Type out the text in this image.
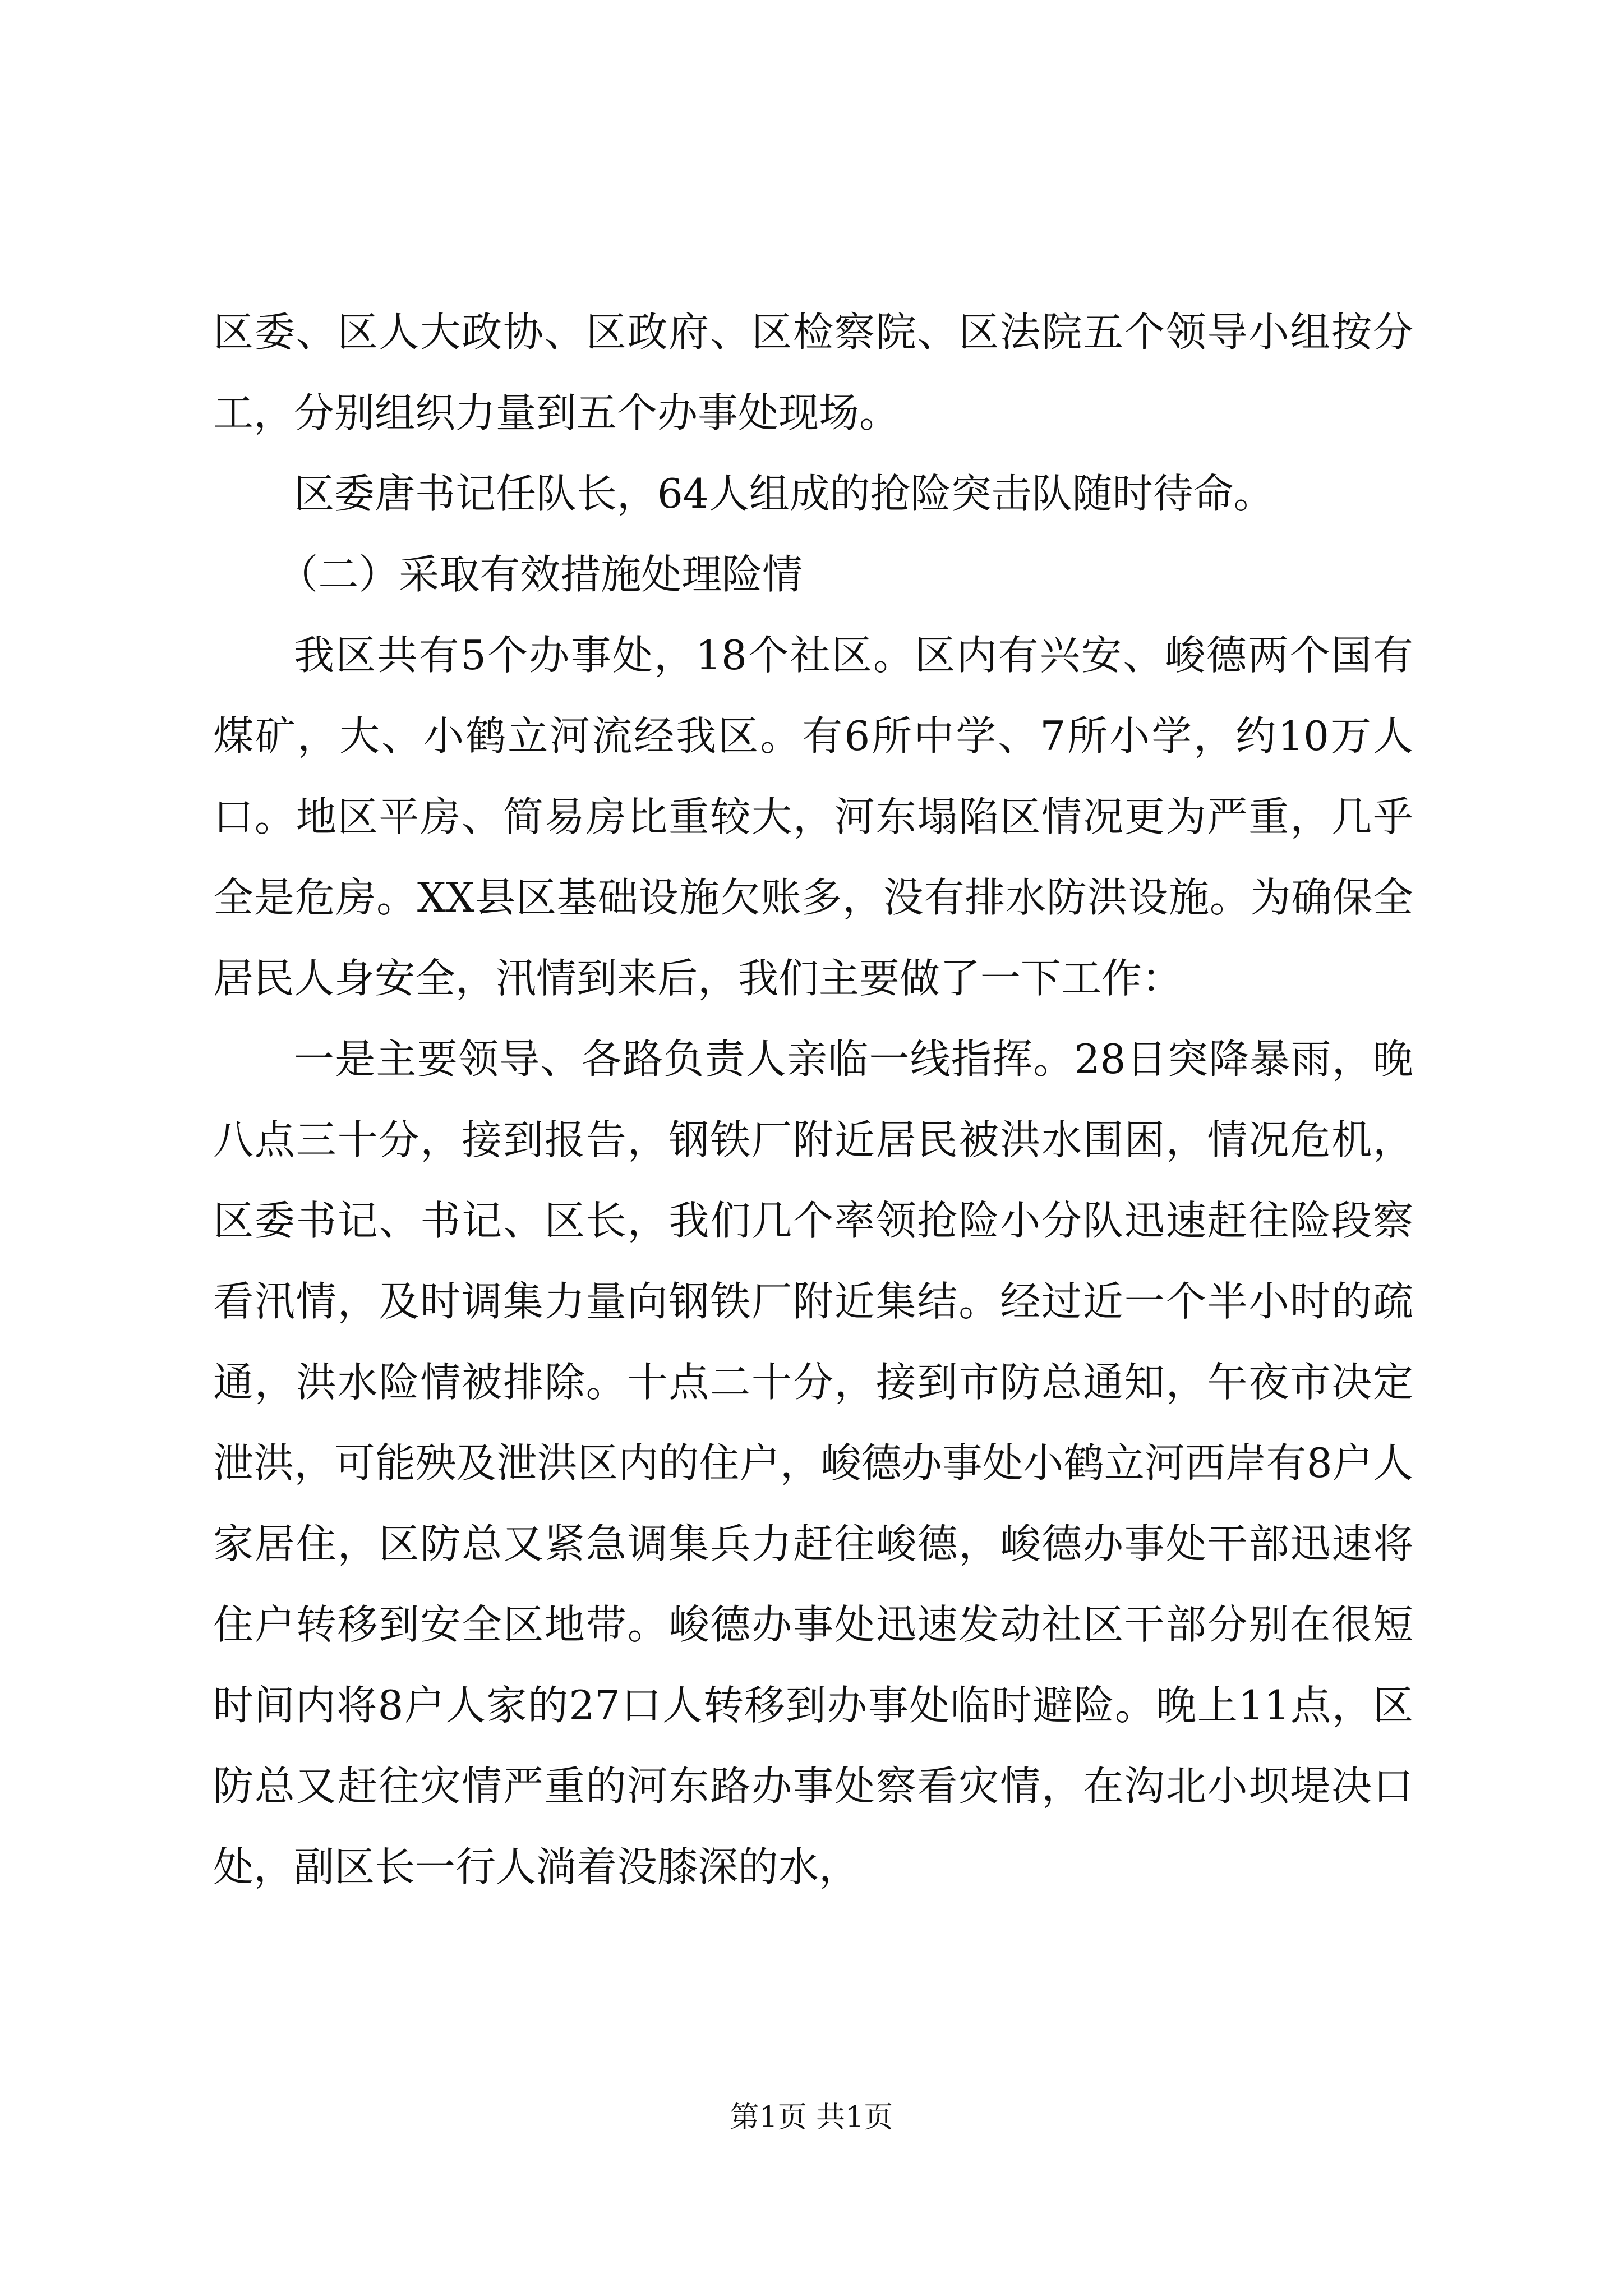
区委、区人大政协、区政府、区检察院、区法院五个领导小组按分工，分别组织力量到五个办事处现场。

区委唐书记任队长，64人组成的抢险突击队随时待命。

（二）采取有效措施处理险情

我区共有5个办事处，18个社区。区内有兴安、峻德两个国有煤矿，大、小鹤立河流经我区。有6所中学、7所小学，约10万人口。地区平房、简易房比重较大，河东塌陷区情况更为严重，几乎全是危房。XX县区基础设施欠账多，没有排水防洪设施。为确保全居民人身安全，汛情到来后，我们主要做了一下工作：

一是主要领导、各路负责人亲临一线指挥。28日突降暴雨，晚八点三十分，接到报告，钢铁厂附近居民被洪水围困，情况危机，区委书记、书记、区长，我们几个率领抢险小分队迅速赶往险段察看汛情，及时调集力量向钢铁厂附近集结。经过近一个半小时的疏通，洪水险情被排除。十点二十分，接到市防总通知，午夜市决定泄洪，可能殃及泄洪区内的住户，峻德办事处小鹤立河西岸有8户人家居住，区防总又紧急调集兵力赶往峻德，峻德办事处干部迅速将住户转移到安全区地带。峻德办事处迅速发动社区干部分别在很短时间内将8户人家的27口人转移到办事处临时避险。晚上11点，区防总又赶往灾情严重的河东路办事处察看灾情，在沟北小坝堤决口处，副区长一行人淌着没膝深的水，

第1页 共1页
